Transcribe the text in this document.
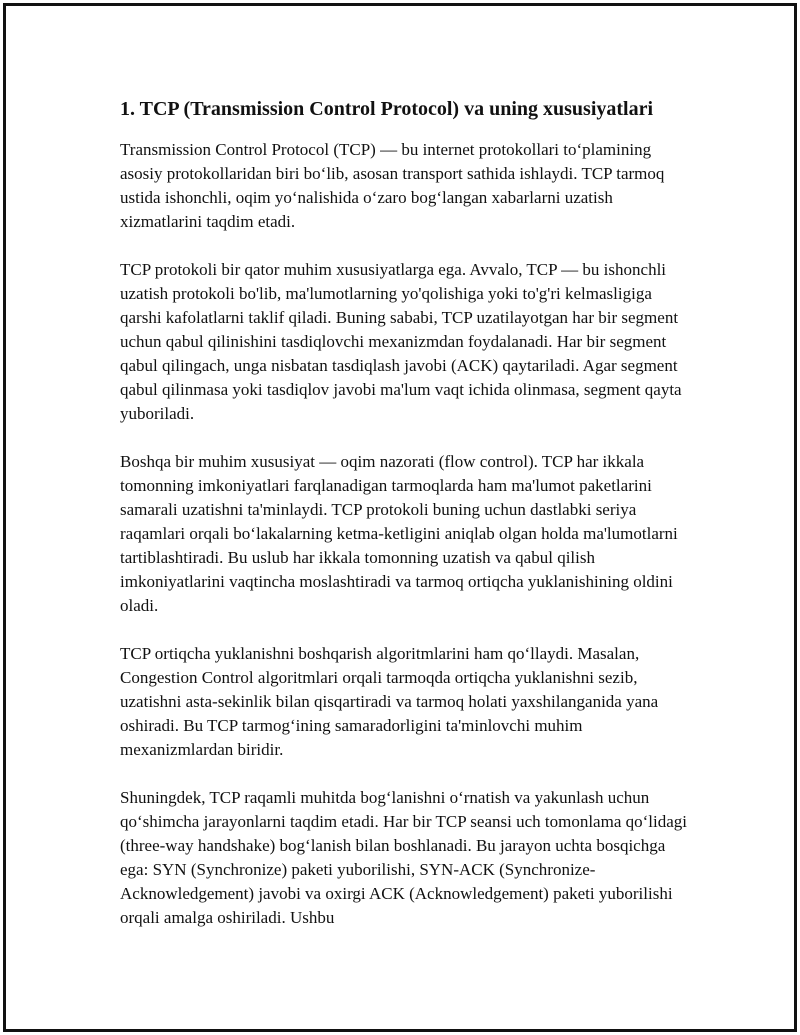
1. TCP (Transmission Control Protocol) va uning xususiyatlari

Transmission Control Protocol (TCP) — bu internet protokollari to‘plamining asosiy protokollaridan biri bo‘lib, asosan transport sathida ishlaydi. TCP tarmoq ustida ishonchli, oqim yo‘nalishida o‘zaro bog‘langan xabarlarni uzatish xizmatlarini taqdim etadi.

TCP protokoli bir qator muhim xususiyatlarga ega. Avvalo, TCP — bu ishonchli uzatish protokoli bo'lib, ma'lumotlarning yo'qolishiga yoki to'g'ri kelmasligiga qarshi kafolatlarni taklif qiladi. Buning sababi, TCP uzatilayotgan har bir segment uchun qabul qilinishini tasdiqlovchi mexanizmdan foydalanadi. Har bir segment qabul qilingach, unga nisbatan tasdiqlash javobi (ACK) qaytariladi. Agar segment qabul qilinmasa yoki tasdiqlov javobi ma'lum vaqt ichida olinmasa, segment qayta yuboriladi.

Boshqa bir muhim xususiyat — oqim nazorati (flow control). TCP har ikkala tomonning imkoniyatlari farqlanadigan tarmoqlarda ham ma'lumot paketlarini samarali uzatishni ta'minlaydi. TCP protokoli buning uchun dastlabki seriya raqamlari orqali bo‘lakalarning ketma-ketligini aniqlab olgan holda ma'lumotlarni tartiblashtiradi. Bu uslub har ikkala tomonning uzatish va qabul qilish imkoniyatlarini vaqtincha moslashtiradi va tarmoq ortiqcha yuklanishining oldini oladi.

TCP ortiqcha yuklanishni boshqarish algoritmlarini ham qo‘llaydi. Masalan, Congestion Control algoritmlari orqali tarmoqda ortiqcha yuklanishni sezib, uzatishni asta-sekinlik bilan qisqartiradi va tarmoq holati yaxshilanganida yana oshiradi. Bu TCP tarmog‘ining samaradorligini ta'minlovchi muhim mexanizmlardan biridir.

Shuningdek, TCP raqamli muhitda bog‘lanishni o‘rnatish va yakunlash uchun qo‘shimcha jarayonlarni taqdim etadi. Har bir TCP seansi uch tomonlama qo‘lidagi (three-way handshake) bog‘lanish bilan boshlanadi. Bu jarayon uchta bosqichga ega: SYN (Synchronize) paketi yuborilishi, SYN-ACK (Synchronize-Acknowledgement) javobi va oxirgi ACK (Acknowledgement) paketi yuborilishi orqali amalga oshiriladi. Ushbu
